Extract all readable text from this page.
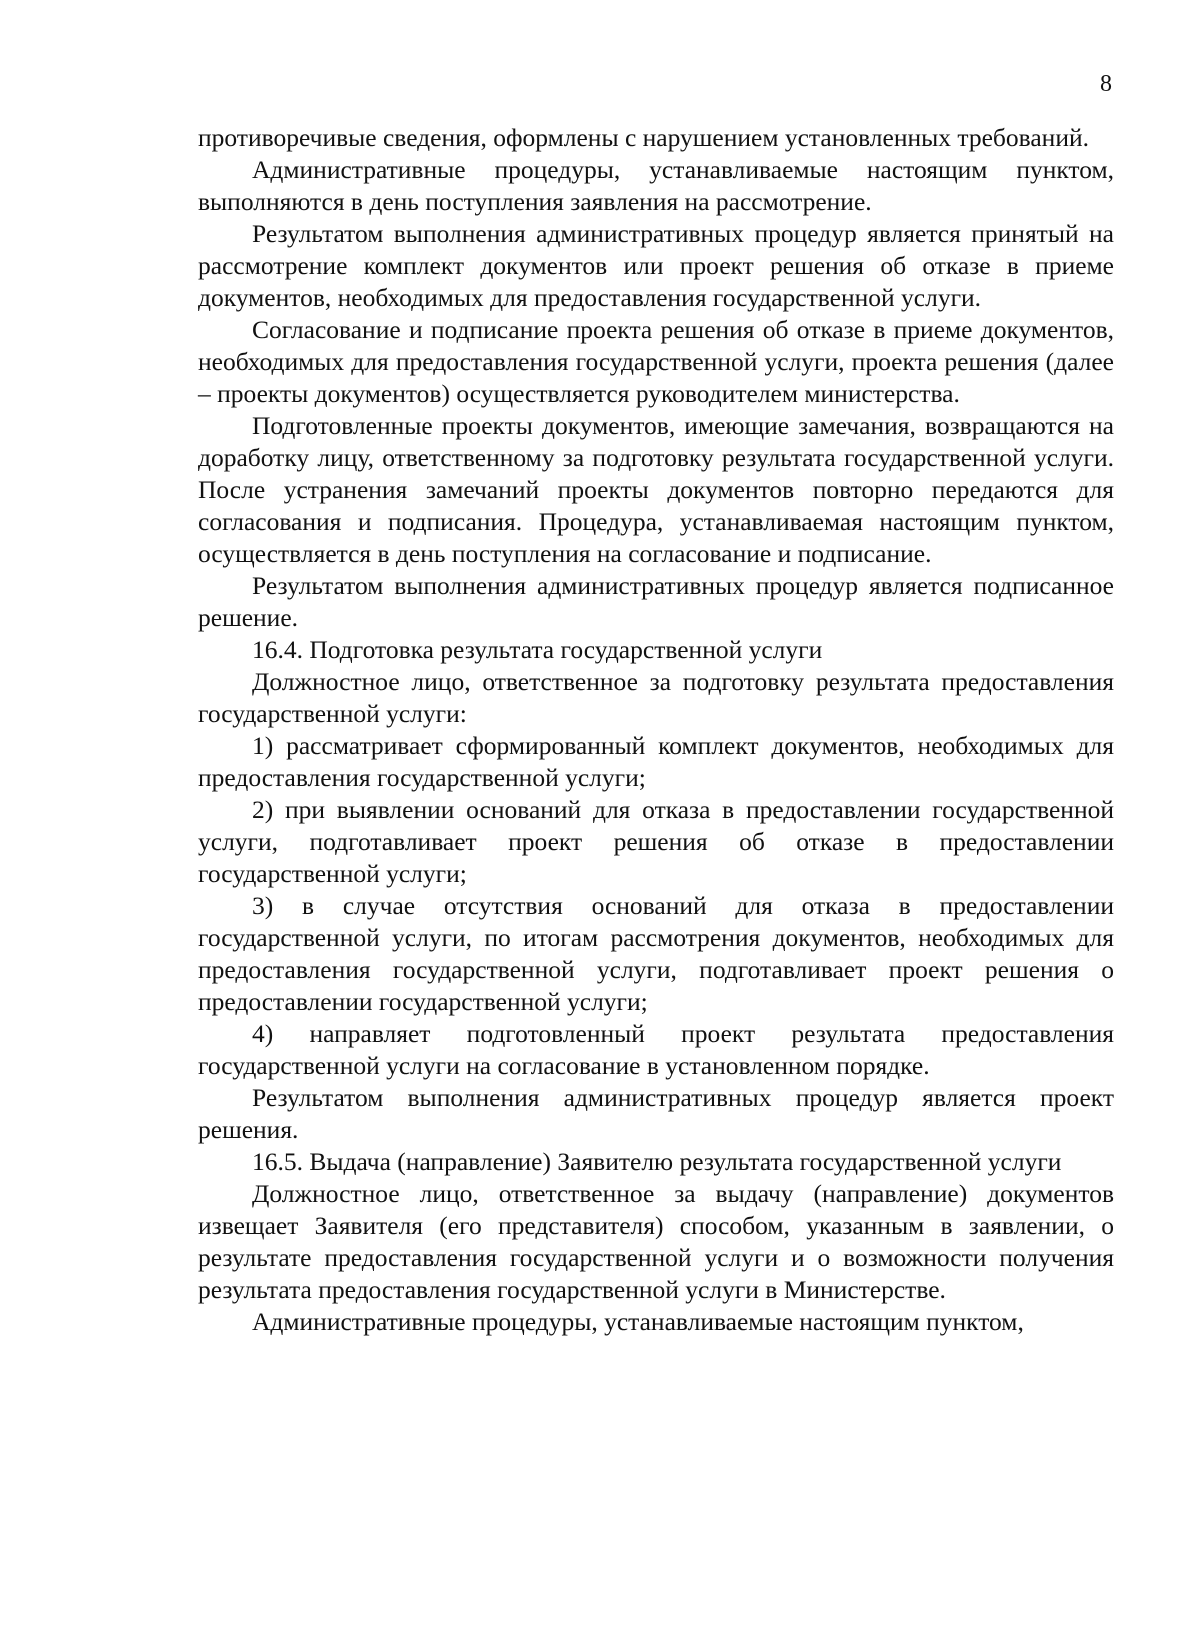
8

противоречивые сведения, оформлены с нарушением установленных требований.

Административные процедуры, устанавливаемые настоящим пунктом, выполняются в день поступления заявления на рассмотрение.

Результатом выполнения административных процедур является принятый на рассмотрение комплект документов или проект решения об отказе в приеме документов, необходимых для предоставления государственной услуги.

Согласование и подписание проекта решения об отказе в приеме документов, необходимых для предоставления государственной услуги, проекта решения (далее – проекты документов) осуществляется руководителем министерства.

Подготовленные проекты документов, имеющие замечания, возвращаются на доработку лицу, ответственному за подготовку результата государственной услуги. После устранения замечаний проекты документов повторно передаются для согласования и подписания. Процедура, устанавливаемая настоящим пунктом, осуществляется в день поступления на согласование и подписание.

Результатом выполнения административных процедур является подписанное решение.

16.4. Подготовка результата государственной услуги

Должностное лицо, ответственное за подготовку результата предоставления государственной услуги:

1) рассматривает сформированный комплект документов, необходимых для предоставления государственной услуги;

2) при выявлении оснований для отказа в предоставлении государственной услуги, подготавливает проект решения об отказе в предоставлении государственной услуги;

3) в случае отсутствия оснований для отказа в предоставлении государственной услуги, по итогам рассмотрения документов, необходимых для предоставления государственной услуги, подготавливает проект решения о предоставлении государственной услуги;

4) направляет подготовленный проект результата предоставления государственной услуги на согласование в установленном порядке.

Результатом выполнения административных процедур является проект решения.

16.5. Выдача (направление) Заявителю результата государственной услуги

Должностное лицо, ответственное за выдачу (направление) документов извещает Заявителя (его представителя) способом, указанным в заявлении, о результате предоставления государственной услуги и о возможности получения результата предоставления государственной услуги в Министерстве.

Административные процедуры, устанавливаемые настоящим пунктом,
